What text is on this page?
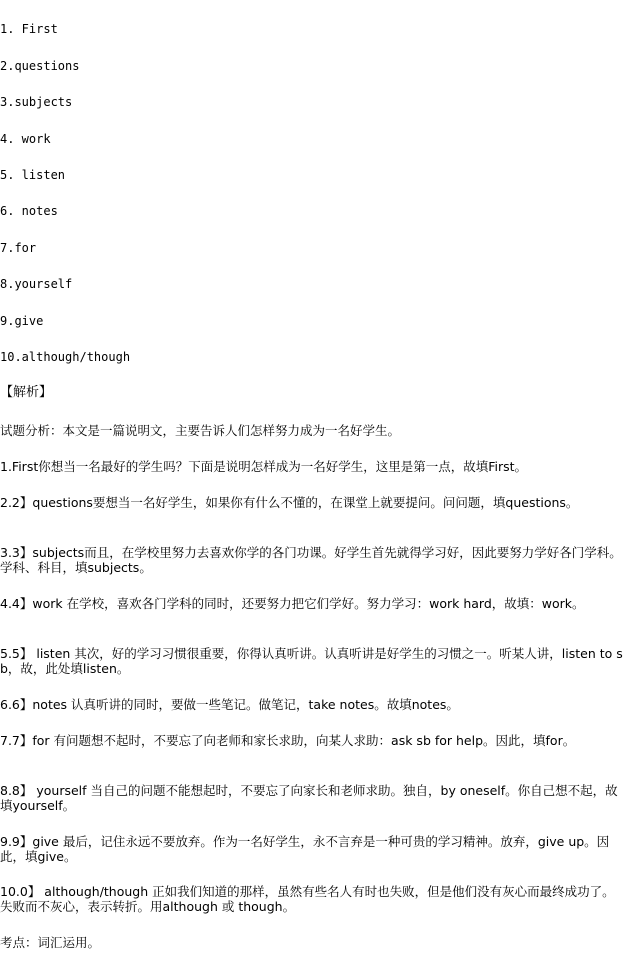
1. First
2.questions
3.subjects
4. work
5. listen
6. notes
7.for
8.yourself
9.give
10.although/though
【解析】
试题分析：本文是一篇说明文，主要告诉人们怎样努力成为一名好学生。
1.First你想当一名最好的学生吗？下面是说明怎样成为一名好学生，这里是第一点，故填First。
2.2】questions要想当一名好学生，如果你有什么不懂的，在课堂上就要提问。问问题，填questions。
3.3】subjects而且，在学校里努力去喜欢你学的各门功课。好学生首先就得学习好，因此要努力学好各门学科。学科、科目，填subjects。
4.4】work 在学校，喜欢各门学科的同时，还要努力把它们学好。努力学习：work hard，故填：work。
5.5】 listen 其次，好的学习习惯很重要，你得认真听讲。认真听讲是好学生的习惯之一。听某人讲，listen to sb，故，此处填listen。
6.6】notes 认真听讲的同时，要做一些笔记。做笔记，take notes。故填notes。
7.7】for 有问题想不起时，不要忘了向老师和家长求助，向某人求助：ask sb for help。因此，填for。
8.8】 yourself 当自己的问题不能想起时，不要忘了向家长和老师求助。独自，by oneself。你自己想不起，故填yourself。
9.9】give 最后，记住永远不要放弃。作为一名好学生，永不言弃是一种可贵的学习精神。放弃，give up。因此，填give。
10.0】 although/though 正如我们知道的那样，虽然有些名人有时也失败，但是他们没有灰心而最终成功了。失败而不灰心，表示转折。用although 或 though。
考点：词汇运用。
